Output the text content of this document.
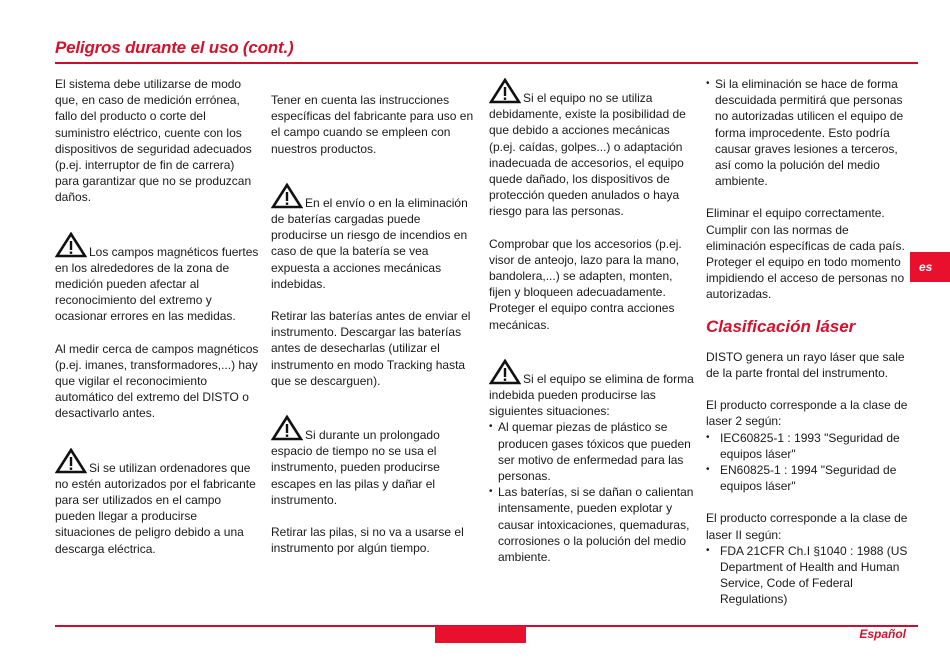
Peligros durante el uso (cont.)

El sistema debe utilizarse de modo que, en caso de medición errónea, fallo del producto o corte del suministro eléctrico, cuente con los dispositivos de seguridad adecuados (p.ej. interruptor de fin de carrera) para garantizar que no se produzcan daños.

Los campos magnéticos fuertes en los alrededores de la zona de medición pueden afectar al reconocimiento del extremo y ocasionar errores en las medidas.

Al medir cerca de campos magnéticos (p.ej. imanes, transformadores,...) hay que vigilar el reconocimiento automático del extremo del DISTO o desactivarlo antes.

Si se utilizan ordenadores que no estén autorizados por el fabricante para ser utilizados en el campo pueden llegar a producirse situaciones de peligro debido a una descarga eléctrica.

Tener en cuenta las instrucciones específicas del fabricante para uso en el campo cuando se empleen con nuestros productos.

En el envío o en la eliminación de baterías cargadas puede producirse un riesgo de incendios en caso de que la batería se vea expuesta a acciones mecánicas indebidas.

Retirar las baterías antes de enviar el instrumento. Descargar las baterías antes de desecharlas (utilizar el instrumento en modo Tracking hasta que se descarguen).

Si durante un prolongado espacio de tiempo no se usa el instrumento, pueden producirse escapes en las pilas y dañar el instrumento.

Retirar las pilas, si no va a usarse el instrumento por algún tiempo.

Si el equipo no se utiliza debidamente, existe la posibilidad de que debido a acciones mecánicas (p.ej. caídas, golpes...) o adaptación inadecuada de accesorios, el equipo quede dañado, los dispositivos de protección queden anulados o haya riesgo para las personas.

Comprobar que los accesorios (p.ej. visor de anteojo, lazo para la mano, bandolera,...) se adapten, monten, fijen y bloqueen adecuadamente. Proteger el equipo contra acciones mecánicas.

Si el equipo se elimina de forma indebida pueden producirse las siguientes situaciones:

• Al quemar piezas de plástico se producen gases tóxicos que pueden ser motivo de enfermedad para las personas.
• Las baterías, si se dañan o calientan intensamente, pueden explotar y causar intoxicaciones, quemaduras, corrosiones o la polución del medio ambiente.
• Si la eliminación se hace de forma descuidada permitirá que personas no autorizadas utilicen el equipo de forma improcedente. Esto podría causar graves lesiones a terceros, así como la polución del medio ambiente.

Eliminar el equipo correctamente. Cumplir con las normas de eliminación específicas de cada país. Proteger el equipo en todo momento impidiendo el acceso de personas no autorizadas.

Clasificación láser

DISTO genera un rayo láser que sale de la parte frontal del instrumento.

El producto corresponde a la clase de laser 2 según:

• IEC60825-1 : 1993 "Seguridad de equipos láser"
• EN60825-1 : 1994 "Seguridad de equipos láser"

El producto corresponde a la clase de laser II según:

• FDA 21CFR Ch.I §1040 : 1988 (US Department of Health and Human Service, Code of Federal Regulations)
es
Español
